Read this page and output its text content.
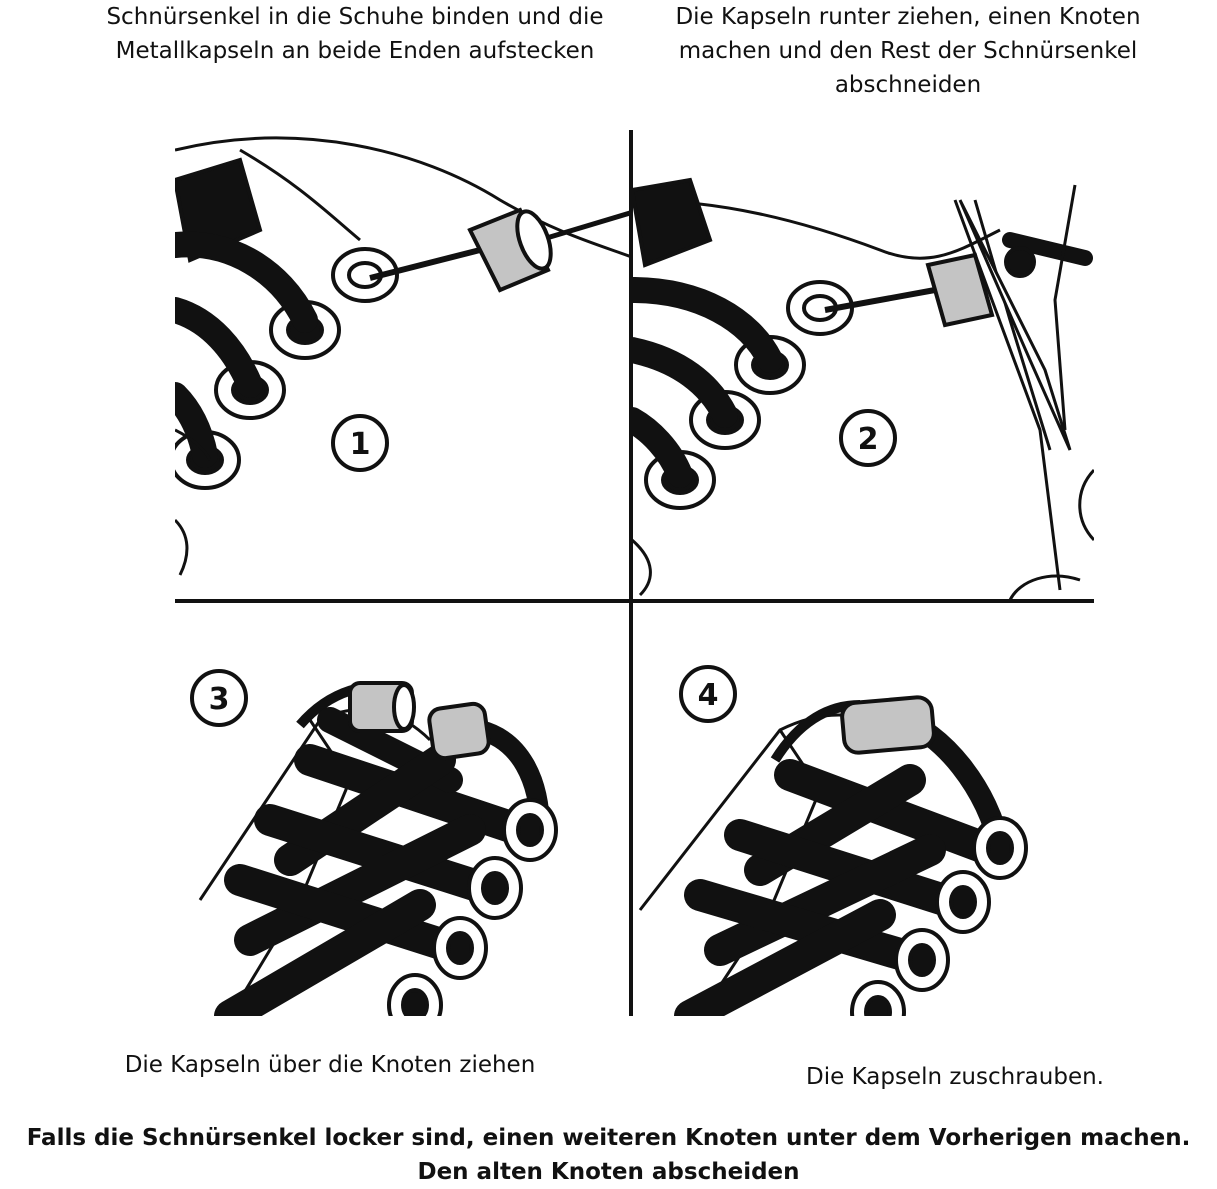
Schnürsenkel in die Schuhe binden und die
Metallkapseln an beide Enden aufstecken
Die Kapseln runter ziehen, einen Knoten
machen und den Rest der Schnürsenkel
abschneiden
1	2
3	4
Die Kapseln über die Knoten ziehen	Die Kapseln zuschrauben.
Falls die Schnürsenkel locker sind, einen weiteren Knoten unter dem Vorherigen machen.
Den alten Knoten abscheiden
